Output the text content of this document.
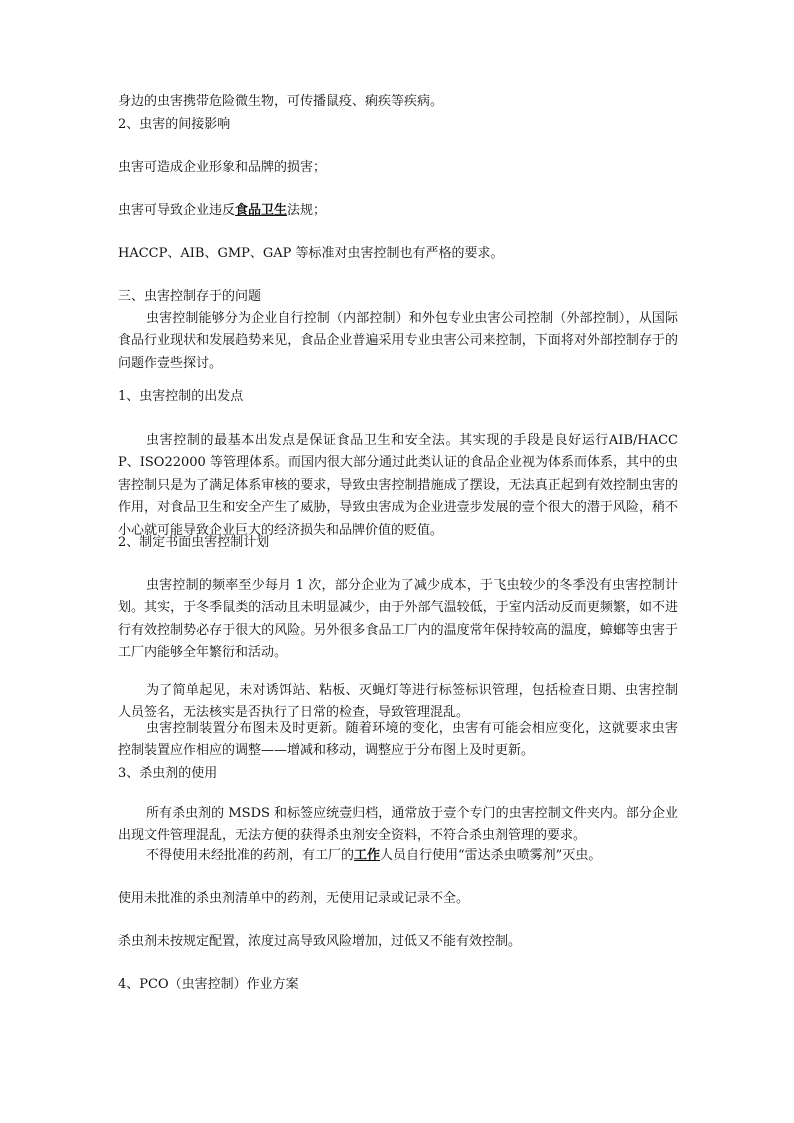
身边的虫害携带危险微生物，可传播鼠疫、痢疾等疾病。

2、虫害的间接影响

虫害可造成企业形象和品牌的损害；

虫害可导致企业违反食品卫生法规；

HACCP、AIB、GMP、GAP 等标准对虫害控制也有严格的要求。

三、虫害控制存于的问题

虫害控制能够分为企业自行控制（内部控制）和外包专业虫害公司控制（外部控制），从国际食品行业现状和发展趋势来见，食品企业普遍采用专业虫害公司来控制，下面将对外部控制存于的问题作壹些探讨。

1、虫害控制的出发点

虫害控制的最基本出发点是保证食品卫生和安全法。其实现的手段是良好运行AIB/HACCP、ISO22000 等管理体系。而国内很大部分通过此类认证的食品企业视为体系而体系，其中的虫害控制只是为了满足体系审核的要求，导致虫害控制措施成了摆设，无法真正起到有效控制虫害的作用，对食品卫生和安全产生了威胁，导致虫害成为企业进壹步发展的壹个很大的潜于风险，稍不小心就可能导致企业巨大的经济损失和品牌价值的贬值。

2、制定书面虫害控制计划

虫害控制的频率至少每月 1 次，部分企业为了减少成本，于飞虫较少的冬季没有虫害控制计划。其实，于冬季鼠类的活动且未明显减少，由于外部气温较低，于室内活动反而更频繁，如不进行有效控制势必存于很大的风险。另外很多食品工厂内的温度常年保持较高的温度，蟑螂等虫害于工厂内能够全年繁衍和活动。

为了简单起见，未对诱饵站、粘板、灭蝇灯等进行标签标识管理，包括检查日期、虫害控制人员签名，无法核实是否执行了日常的检查，导致管理混乱。

虫害控制装置分布图未及时更新。随着环境的变化，虫害有可能会相应变化，这就要求虫害控制装置应作相应的调整——增减和移动，调整应于分布图上及时更新。

3、杀虫剂的使用

所有杀虫剂的 MSDS 和标签应统壹归档，通常放于壹个专门的虫害控制文件夹内。部分企业出现文件管理混乱，无法方便的获得杀虫剂安全资料，不符合杀虫剂管理的要求。

不得使用未经批准的药剂，有工厂的工作人员自行使用“雷达杀虫喷雾剂”灭虫。

使用未批准的杀虫剂清单中的药剂，无使用记录或记录不全。

杀虫剂未按规定配置，浓度过高导致风险增加，过低又不能有效控制。

4、PCO（虫害控制）作业方案
